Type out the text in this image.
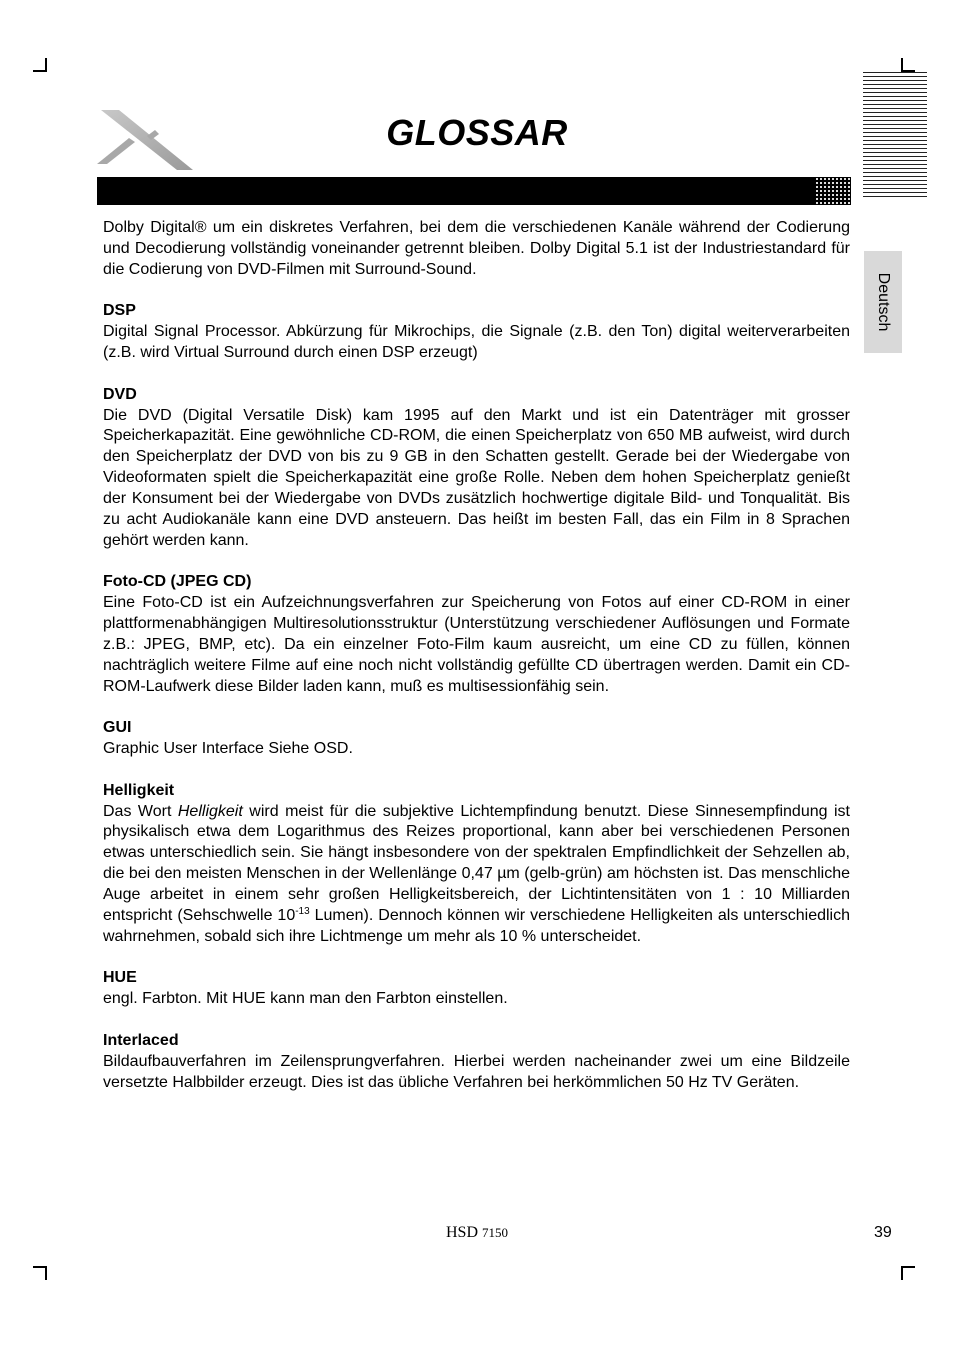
Deutsch
GLOSSAR

Dolby Digital® um ein diskretes Verfahren, bei dem die verschiedenen Kanäle während der Codierung und Decodierung vollständig voneinander getrennt bleiben. Dolby Digital 5.1 ist der Industriestandard für die Codierung von DVD-Filmen mit Surround-Sound.

DSP

Digital Signal Processor. Abkürzung für Mikrochips, die Signale (z.B. den Ton) digital weiterverarbeiten (z.B. wird Virtual Surround durch einen DSP erzeugt)

DVD

Die DVD (Digital Versatile Disk) kam 1995 auf den Markt und ist ein Datenträger mit grosser Speicherkapazität. Eine gewöhnliche CD-ROM, die einen Speicherplatz von 650 MB aufweist, wird durch den Speicherplatz der DVD von bis zu 9 GB in den Schatten gestellt. Gerade bei der Wiedergabe von Videoformaten spielt die Speicherkapazität eine große Rolle. Neben dem hohen Speicherplatz genießt der Konsument bei der Wiedergabe von DVDs zusätzlich hochwertige digitale Bild- und Tonqualität. Bis zu acht Audiokanäle kann eine DVD ansteuern. Das heißt im besten Fall, das ein Film in 8 Sprachen gehört werden kann.

Foto-CD (JPEG CD)

Eine Foto-CD ist ein Aufzeichnungsverfahren zur Speicherung von Fotos auf einer CD-ROM in einer plattformenabhängigen Multiresolutionsstruktur (Unterstützung verschiedener Auflösungen und Formate z.B.: JPEG, BMP, etc). Da ein einzelner Foto-Film kaum ausreicht, um eine CD zu füllen, können nachträglich weitere Filme auf eine noch nicht vollständig gefüllte CD übertragen werden. Damit ein CD-ROM-Laufwerk diese Bilder laden kann, muß es multisessionfähig sein.

GUI

Graphic User Interface Siehe OSD.

Helligkeit

Das Wort Helligkeit wird meist für die subjektive Lichtempfindung benutzt. Diese Sinnesempfindung ist physikalisch etwa dem Logarithmus des Reizes proportional, kann aber bei verschiedenen Personen etwas unterschiedlich sein. Sie hängt insbesondere von der spektralen Empfindlichkeit der Sehzellen ab, die bei den meisten Menschen in der Wellenlänge 0,47 µm (gelb-grün) am höchsten ist. Das menschliche Auge arbeitet in einem sehr großen Helligkeitsbereich, der Lichtintensitäten von 1 : 10 Milliarden entspricht (Sehschwelle $10^{-13}$ Lumen). Dennoch können wir verschiedene Helligkeiten als unterschiedlich wahrnehmen, sobald sich ihre Lichtmenge um mehr als 10 % unterscheidet.

HUE

engl. Farbton. Mit HUE kann man den Farbton einstellen.

Interlaced

Bildaufbauverfahren im Zeilensprungverfahren. Hierbei werden nacheinander zwei um eine Bildzeile versetzte Halbbilder erzeugt. Dies ist das übliche Verfahren bei herkömmlichen 50 Hz TV Geräten.

HSD 7150	39
